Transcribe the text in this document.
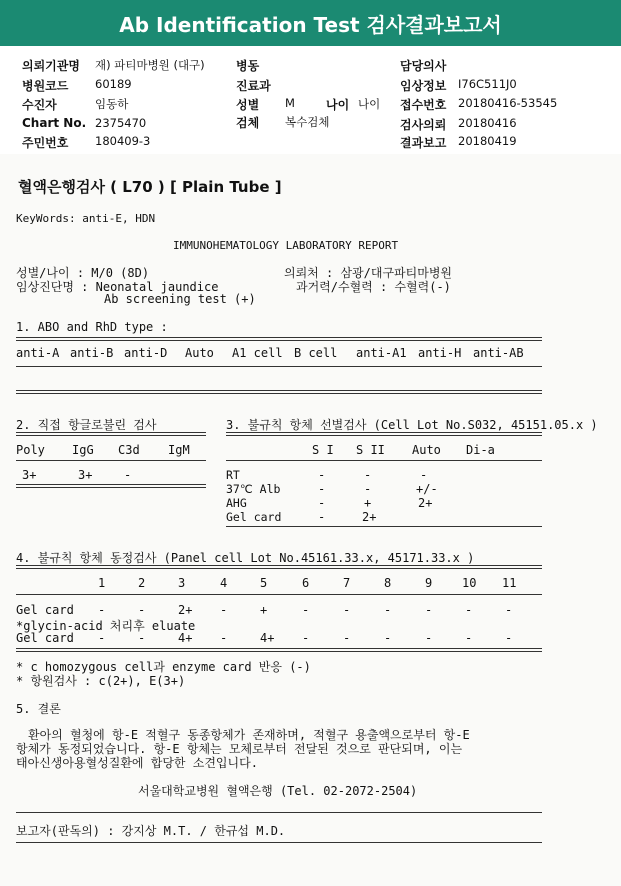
Ab Identification Test 검사결과보고서
의뢰기관명 재) 파티마병원 (대구)	병동	담당의사
병원코드 60189	진료과	임상정보 I76C511J0
수진자	임동하	성별 M	나이 나이 접수번호 20180416-53545
Chart No. 2375470	검체 복수검체	검사의뢰 20180416
주민번호 180409-3	결과보고 20180419
혈액은행검사 ( L70 ) [ Plain Tube ]
KeyWords: anti-E, HDN
IMMUNOHEMATOLOGY LABORATORY REPORT
성별/나이 : M/0 (8D)
임상진단명 : Neonatal jaundice
Ab screening test (+)
의뢰처 : 삼광/대구파티마병원
과거력/수혈력 : 수혈력(-)
1. ABO and RhD type :
anti-A anti-B anti-D Auto A1 cell B cell anti-A1 anti-H anti-AB
2. 직접 항글로불린 검사
Poly IgG C3d IgM
3+	3+	-
3. 불규칙 항체 선별검사 (Cell Lot No.S032, 45151.05.x )
S I S II Auto Di-a
RT	-	-	-
37℃ Alb	-	-	+/-
AHG	-	+	2+
Gel card	-	2+
4. 불규칙 항체 동정검사 (Panel cell Lot No.45161.33.x, 45171.33.x )
1	2	3	4	5	6	7	8	9 10 11
Gel card -	-	2+ -	+	-	-	-	-	-	-
*glycin-acid 처리후 eluate
Gel card -	-	4+ -	4+ -	-	-	-	-	-
* c homozygous cell과 enzyme card 반응 (-)
* 항원검사 : c(2+), E(3+)
5. 결론
환아의 혈청에 항-E 적혈구 동종항체가 존재하며, 적혈구 용출액으로부터 항-E
항체가 동정되었습니다. 항-E 항체는 모체로부터 전달된 것으로 판단되며, 이는
태아신생아용혈성질환에 합당한 소견입니다.
서울대학교병원 혈액은행 (Tel. 02-2072-2504)
보고자(판독의) : 강지상 M.T. / 한규섭 M.D.
